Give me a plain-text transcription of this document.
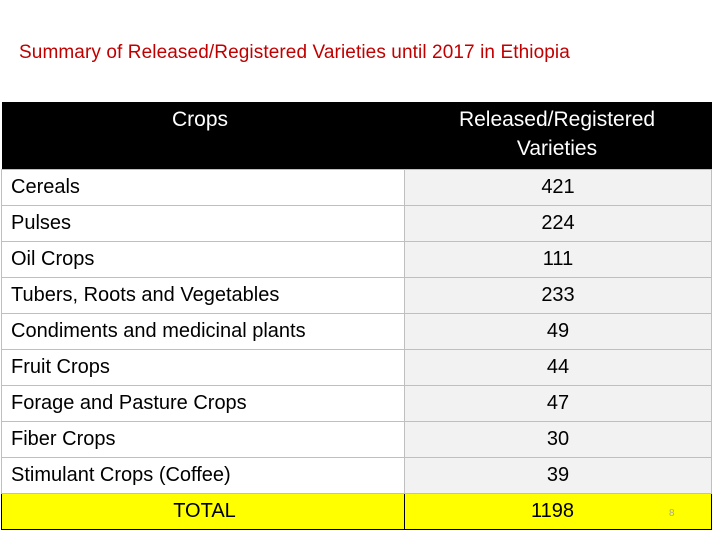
Summary of Released/Registered Varieties until 2017 in Ethiopia
Crops	Released/Registered Varieties
Cereals	421
Pulses	224
Oil Crops	111
Tubers, Roots and Vegetables	233
Condiments and medicinal plants	49
Fruit Crops	44
Forage and Pasture Crops	47
Fiber Crops	30
Stimulant Crops (Coffee)	39
TOTAL	1198	8
